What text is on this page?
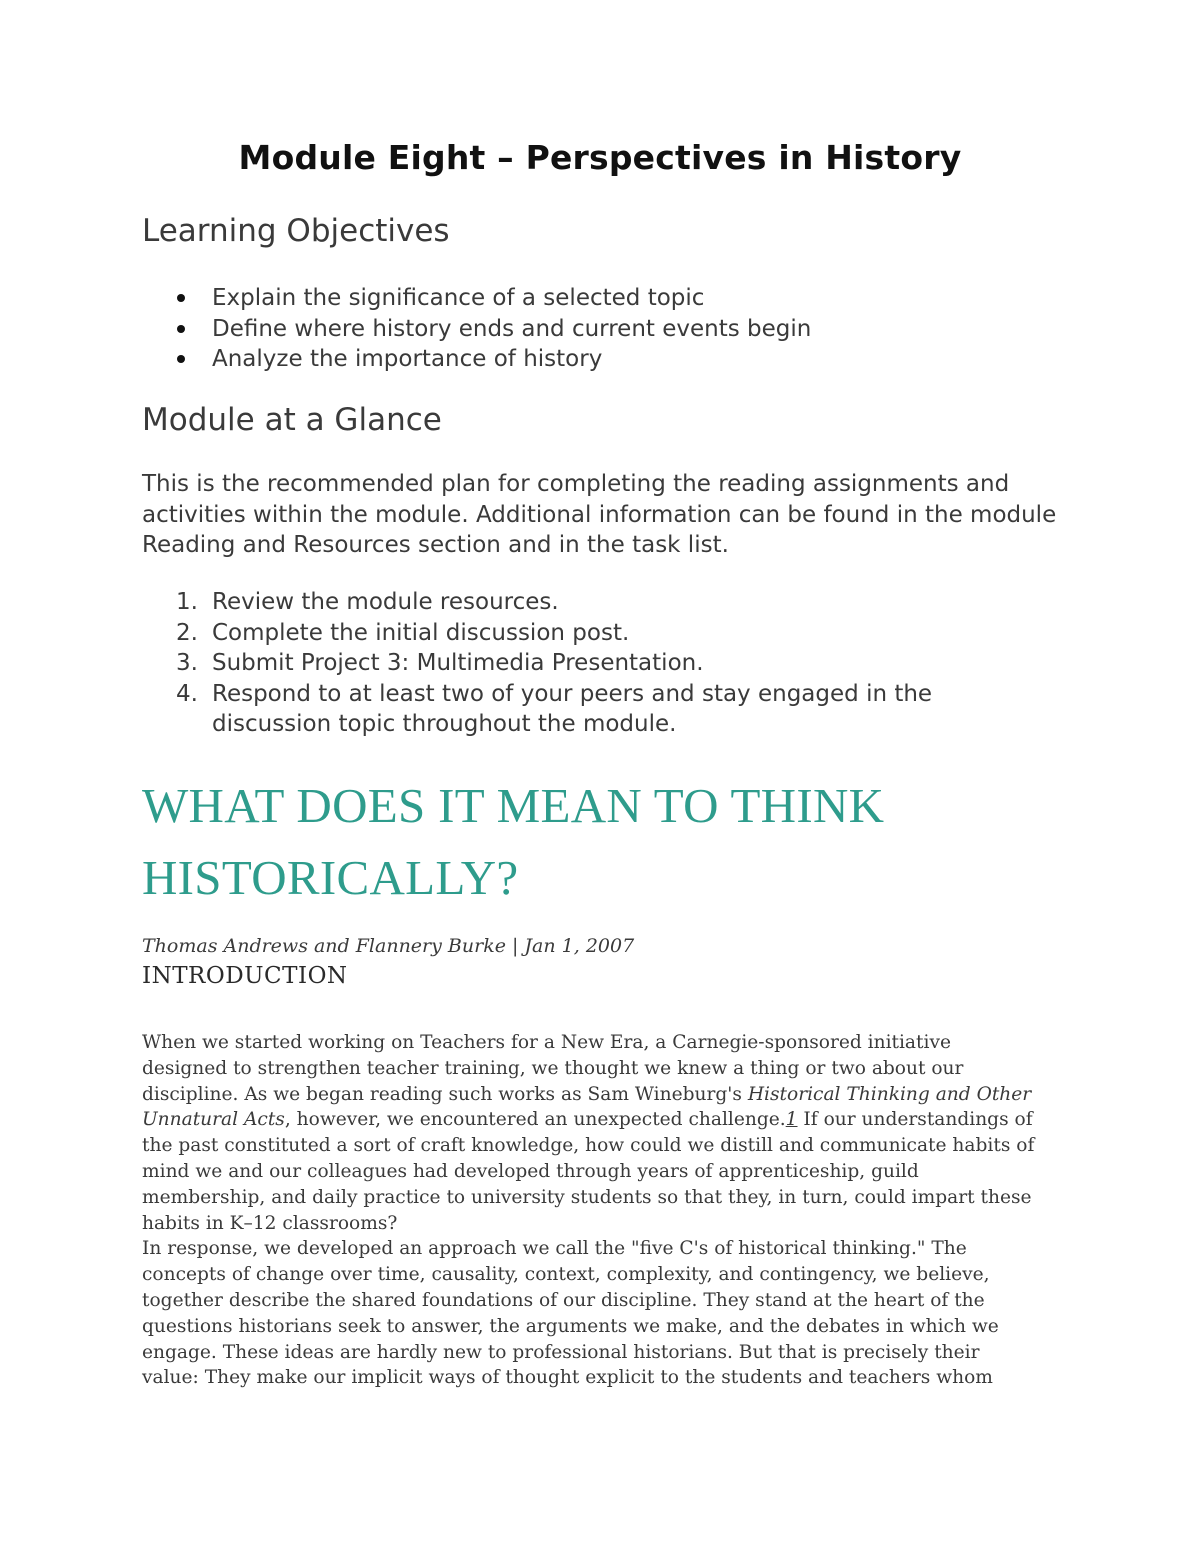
Module Eight – Perspectives in History
Learning Objectives
Explain the significance of a selected topic
Define where history ends and current events begin
Analyze the importance of history
Module at a Glance

This is the recommended plan for completing the reading assignments and activities within the module. Additional information can be found in the module Reading and Resources section and in the task list.

1. Review the module resources.
2. Complete the initial discussion post.
3. Submit Project 3: Multimedia Presentation.
4. Respond to at least two of your peers and stay engaged in the discussion topic throughout the module.
WHAT DOES IT MEAN TO THINK HISTORICALLY?

Thomas Andrews and Flannery Burke | Jan 1, 2007

INTRODUCTION

When we started working on Teachers for a New Era, a Carnegie-sponsored initiative designed to strengthen teacher training, we thought we knew a thing or two about our discipline. As we began reading such works as Sam Wineburg's Historical Thinking and Other Unnatural Acts, however, we encountered an unexpected challenge.1 If our understandings of the past constituted a sort of craft knowledge, how could we distill and communicate habits of mind we and our colleagues had developed through years of apprenticeship, guild membership, and daily practice to university students so that they, in turn, could impart these habits in K–12 classrooms?

In response, we developed an approach we call the "five C's of historical thinking." The concepts of change over time, causality, context, complexity, and contingency, we believe, together describe the shared foundations of our discipline. They stand at the heart of the questions historians seek to answer, the arguments we make, and the debates in which we engage. These ideas are hardly new to professional historians. But that is precisely their value: They make our implicit ways of thought explicit to the students and teachers whom
